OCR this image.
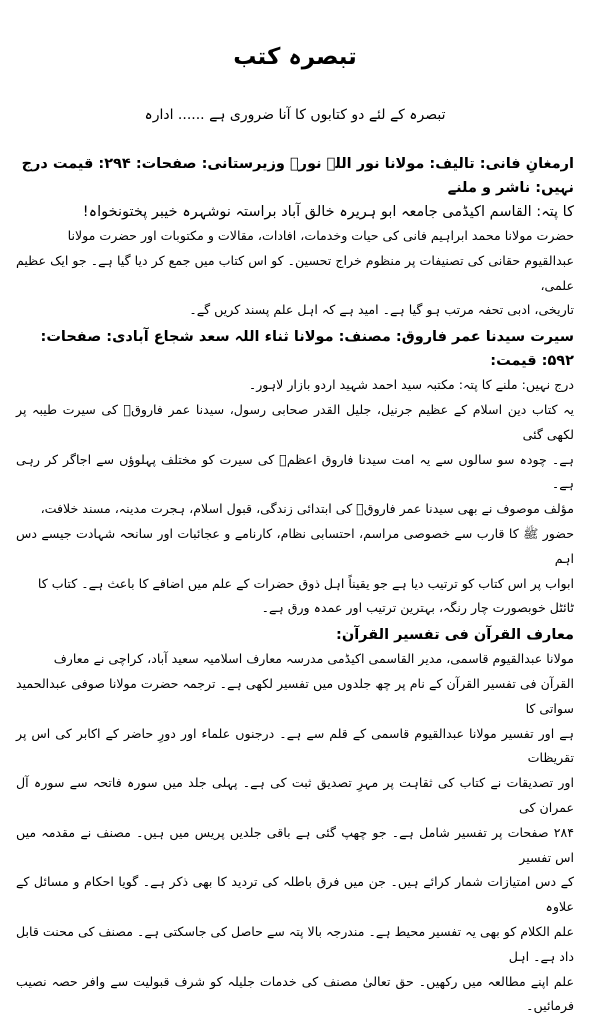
تبصرہ کتب
تبصرہ کے لئے دو کتابوں کا آنا ضروری ہے ...... ادارہ
ارمغانِ فانی: تالیف: مولانا نور اللہ نورؔ وزیرستانی: صفحات: ۲۹۴: قیمت درج نہیں: ناشر و ملنے
کا پتہ: القاسم اکیڈمی جامعہ ابو ہریرہ خالق آباد براستہ نوشہرہ خیبر پختونخواہ!
حضرت مولانا محمد ابراہیم فانی کی حیات وخدمات، افادات، مقالات و مکتوبات اور حضرت مولانا
عبدالقیوم حقانی کی تصنیفات پر منظوم خراج تحسین۔ کو اس کتاب میں جمع کر دیا گیا ہے۔ جو ایک عظیم علمی،
تاریخی، ادبی تحفہ مرتب ہو گیا ہے۔ امید ہے کہ اہل علم پسند کریں گے۔
سیرت سیدنا عمر فاروق: مصنف: مولانا ثناء اللہ سعد شجاع آبادی: صفحات: ۵۹۲: قیمت:
درج نہیں: ملنے کا پتہ: مکتبہ سید احمد شہید اردو بازار لاہور۔
یہ کتاب دین اسلام کے عظیم جرنیل، جلیل القدر صحابی رسول، سیدنا عمر فاروقؓ کی سیرت طیبہ پر لکھی گئی
ہے۔ چودہ سو سالوں سے یہ امت سیدنا فاروق اعظمؓ کی سیرت کو مختلف پہلوؤں سے اجاگر کر رہی ہے۔
مؤلف موصوف نے بھی سیدنا عمر فاروقؓ کی ابتدائی زندگی، قبول اسلام، ہجرت مدینہ، مسند خلافت،
حضور ﷺ کا قارب سے خصوصی مراسم، احتسابی نظام، کارنامے و عجائبات اور سانحہ شہادت جیسے دس اہم
ابواب پر اس کتاب کو ترتیب دیا ہے جو یقیناً اہل ذوق حضرات کے علم میں اضافے کا باعث ہے۔ کتاب کا
ٹائٹل خوبصورت چار رنگہ، بہترین ترتیب اور عمدہ ورق ہے۔
معارف القرآن فی تفسیر القرآن:
مولانا عبدالقیوم قاسمی، مدیر القاسمی اکیڈمی مدرسہ معارف اسلامیہ سعید آباد، کراچی نے معارف
القرآن فی تفسیر القرآن کے نام پر چھ جلدوں میں تفسیر لکھی ہے۔ ترجمہ حضرت مولانا صوفی عبدالحمید سواتی کا
ہے اور تفسیر مولانا عبدالقیوم قاسمی کے قلم سے ہے۔ درجنوں علماء اور دورِ حاضر کے اکابر کی اس پر تقریظات
اور تصدیقات نے کتاب کی ثقاہت پر مہرِ تصدیق ثبت کی ہے۔ پہلی جلد میں سورہ فاتحہ سے سورہ آل عمران کی
۲۸۴ صفحات پر تفسیر شامل ہے۔ جو چھپ گئی ہے باقی جلدیں پریس میں ہیں۔ مصنف نے مقدمہ میں اس تفسیر
کے دس امتیازات شمار کرائے ہیں۔ جن میں فرق باطلہ کی تردید کا بھی ذکر ہے۔ گویا احکام و مسائل کے علاوہ
علم الکلام کو بھی یہ تفسیر محیط ہے۔ مندرجہ بالا پتہ سے حاصل کی جاسکتی ہے۔ مصنف کی محنت قابل داد ہے۔ اہل
علم اپنے مطالعہ میں رکھیں۔ حق تعالیٰ مصنف کی خدمات جلیلہ کو شرف قبولیت سے وافر حصہ نصیب فرمائیں۔
